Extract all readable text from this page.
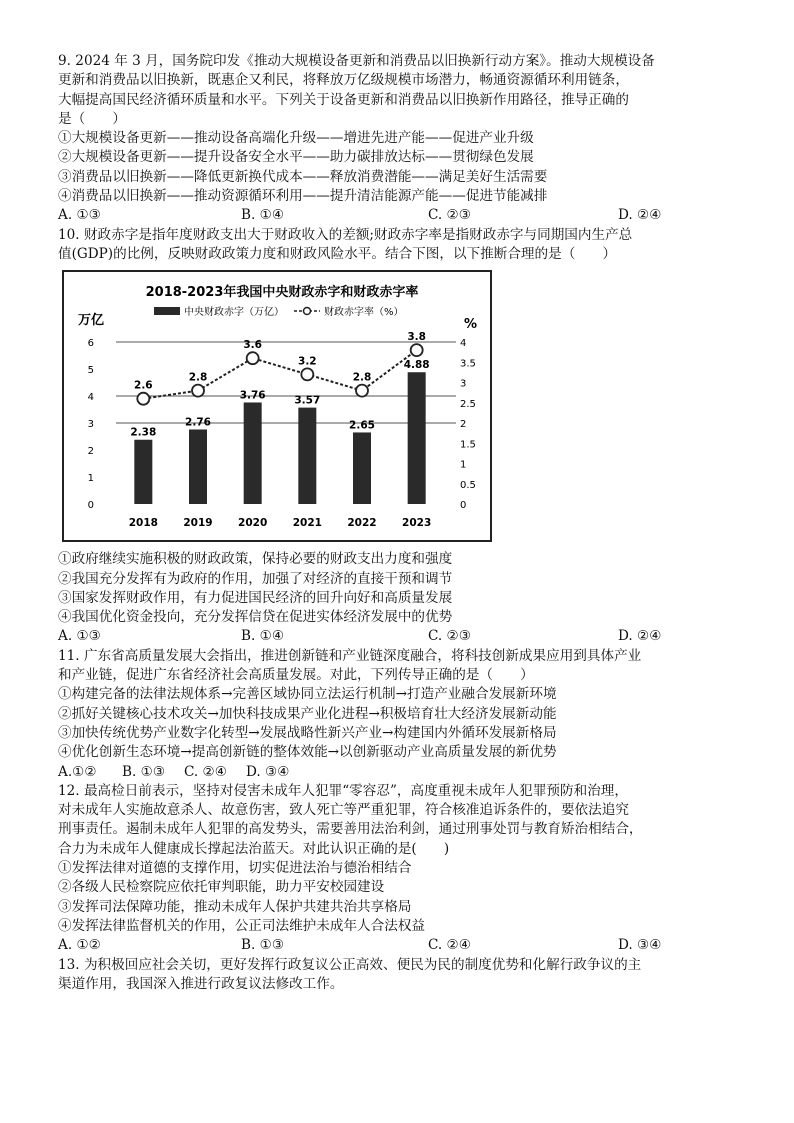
9. 2024 年 3 月，国务院印发《推动大规模设备更新和消费品以旧换新行动方案》。推动大规模设备
更新和消费品以旧换新，既惠企又利民，将释放万亿级规模市场潜力，畅通资源循环利用链条，
大幅提高国民经济循环质量和水平。下列关于设备更新和消费品以旧换新作用路径，推导正确的
是（　　）
①大规模设备更新——推动设备高端化升级——增进先进产能——促进产业升级
②大规模设备更新——提升设备安全水平——助力碳排放达标——贯彻绿色发展
③消费品以旧换新——降低更新换代成本——释放消费潜能——满足美好生活需要
④消费品以旧换新——推动资源循环利用——提升清洁能源产能——促进节能减排
A. ①③	B. ①④	C. ②③	D. ②④
10. 财政赤字是指年度财政支出大于财政收入的差额;财政赤字率是指财政赤字与同期国内生产总
值(GDP)的比例，反映财政政策力度和财政风险水平。结合下图，以下推断合理的是（　　）
2018-2023年我国中央财政赤字和财政赤字率
中央财政赤字（万亿）	财政赤字率（%）
万亿	%
0
1
2
3
4
5
6
0
0.5
1
1.5
2
2.5
3
3.5
4
2.38
2.76
3.76	3.57
2.65
4.88
2.6
2.8
3.6
3.2
2.8
3.8
2018 2019 2020 2021 2022 2023
①政府继续实施积极的财政政策，保持必要的财政支出力度和强度
②我国充分发挥有为政府的作用，加强了对经济的直接干预和调节
③国家发挥财政作用，有力促进国民经济的回升向好和高质量发展
④我国优化资金投向，充分发挥信贷在促进实体经济发展中的优势
A. ①③	B. ①④	C. ②③	D. ②④
11. 广东省高质量发展大会指出，推进创新链和产业链深度融合，将科技创新成果应用到具体产业
和产业链，促进广东省经济社会高质量发展。对此，下列传导正确的是（　　）
①构建完备的法律法规体系→完善区域协同立法运行机制→打造产业融合发展新环境
②抓好关键核心技术攻关→加快科技成果产业化进程→积极培育壮大经济发展新动能
③加快传统优势产业数字化转型→发展战略性新兴产业→构建国内外循环发展新格局
④优化创新生态环境→提高创新链的整体效能→以创新驱动产业高质量发展的新优势
A.①②	B. ①③	C. ②④	D. ③④
12. 最高检日前表示，坚持对侵害未成年人犯罪“零容忍”，高度重视未成年人犯罪预防和治理，
对未成年人实施故意杀人、故意伤害，致人死亡等严重犯罪，符合核准追诉条件的，要依法追究
刑事责任。遏制未成年人犯罪的高发势头，需要善用法治利剑，通过刑事处罚与教育矫治相结合，
合力为未成年人健康成长撑起法治蓝天。对此认识正确的是(　　)
①发挥法律对道德的支撑作用，切实促进法治与德治相结合
②各级人民检察院应依托审判职能，助力平安校园建设
③发挥司法保障功能，推动未成年人保护共建共治共享格局
④发挥法律监督机关的作用，公正司法维护未成年人合法权益
A. ①②	B. ①③	C. ②④	D. ③④
13. 为积极回应社会关切，更好发挥行政复议公正高效、便民为民的制度优势和化解行政争议的主
渠道作用，我国深入推进行政复议法修改工作。
